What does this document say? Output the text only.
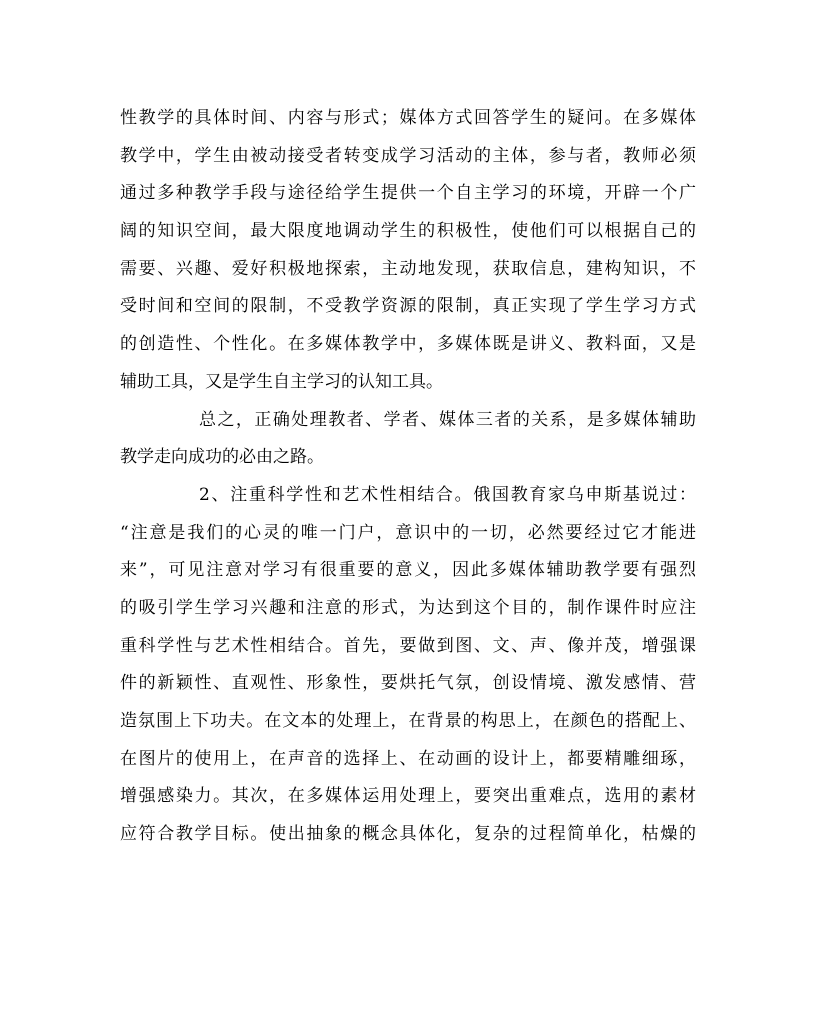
性教学的具体时间、内容与形式；媒体方式回答学生的疑问。在多媒体
教学中，学生由被动接受者转变成学习活动的主体，参与者，教师必须
通过多种教学手段与途径给学生提供一个自主学习的环境，开辟一个广
阔的知识空间，最大限度地调动学生的积极性，使他们可以根据自己的
需要、兴趣、爱好积极地探索，主动地发现，获取信息，建构知识，不
受时间和空间的限制，不受教学资源的限制，真正实现了学生学习方式
的创造性、个性化。在多媒体教学中，多媒体既是讲义、教料面，又是
辅助工具，又是学生自主学习的认知工具。
总之，正确处理教者、学者、媒体三者的关系，是多媒体辅助
教学走向成功的必由之路。
2、注重科学性和艺术性相结合。俄国教育家乌申斯基说过：
“注意是我们的心灵的唯一门户，意识中的一切，必然要经过它才能进
来”，可见注意对学习有很重要的意义，因此多媒体辅助教学要有强烈
的吸引学生学习兴趣和注意的形式，为达到这个目的，制作课件时应注
重科学性与艺术性相结合。首先，要做到图、文、声、像并茂，增强课
件的新颖性、直观性、形象性，要烘托气氛，创设情境、激发感情、营
造氛围上下功夫。在文本的处理上，在背景的构思上，在颜色的搭配上、
在图片的使用上，在声音的选择上、在动画的设计上，都要精雕细琢，
增强感染力。其次，在多媒体运用处理上，要突出重难点，选用的素材
应符合教学目标。使出抽象的概念具体化，复杂的过程简单化，枯燥的
